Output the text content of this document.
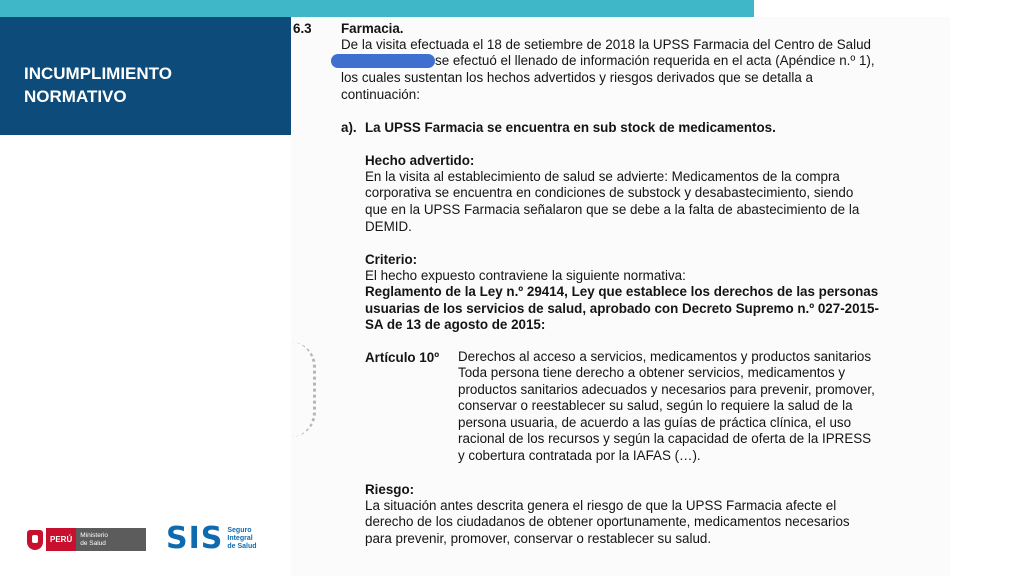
INCUMPLIMIENTO
NORMATIVO
6.3 Farmacia.
De la visita efectuada el 18 de setiembre de 2018 la UPSS Farmacia del Centro de Salud
se efectuó el llenado de información requerida en el acta (Apéndice n.º 1),
los cuales sustentan los hechos advertidos y riesgos derivados que se detalla a
continuación:
a). La UPSS Farmacia se encuentra en sub stock de medicamentos.
Hecho advertido:
En la visita al establecimiento de salud se advierte: Medicamentos de la compra
corporativa se encuentra en condiciones de substock y desabastecimiento, siendo
que en la UPSS Farmacia señalaron que se debe a la falta de abastecimiento de la
DEMID.
Criterio:
El hecho expuesto contraviene la siguiente normativa:
Reglamento de la Ley n.º 29414, Ley que establece los derechos de las personas
usuarias de los servicios de salud, aprobado con Decreto Supremo n.º 027-2015-
SA de 13 de agosto de 2015:
Artículo 10º Derechos al acceso a servicios, medicamentos y productos sanitarios
Toda persona tiene derecho a obtener servicios, medicamentos y
productos sanitarios adecuados y necesarios para prevenir, promover,
conservar o reestablecer su salud, según lo requiere la salud de la
persona usuaria, de acuerdo a las guías de práctica clínica, el uso
racional de los recursos y según la capacidad de oferta de la IPRESS
y cobertura contratada por la IAFAS (…).
Riesgo:
La situación antes descrita genera el riesgo de que la UPSS Farmacia afecte el
derecho de los ciudadanos de obtener oportunamente, medicamentos necesarios
para prevenir, promover, conservar o restablecer su salud.
PERÚ	Ministerio
de Salud SIS Seguro
Integral
de Salud
